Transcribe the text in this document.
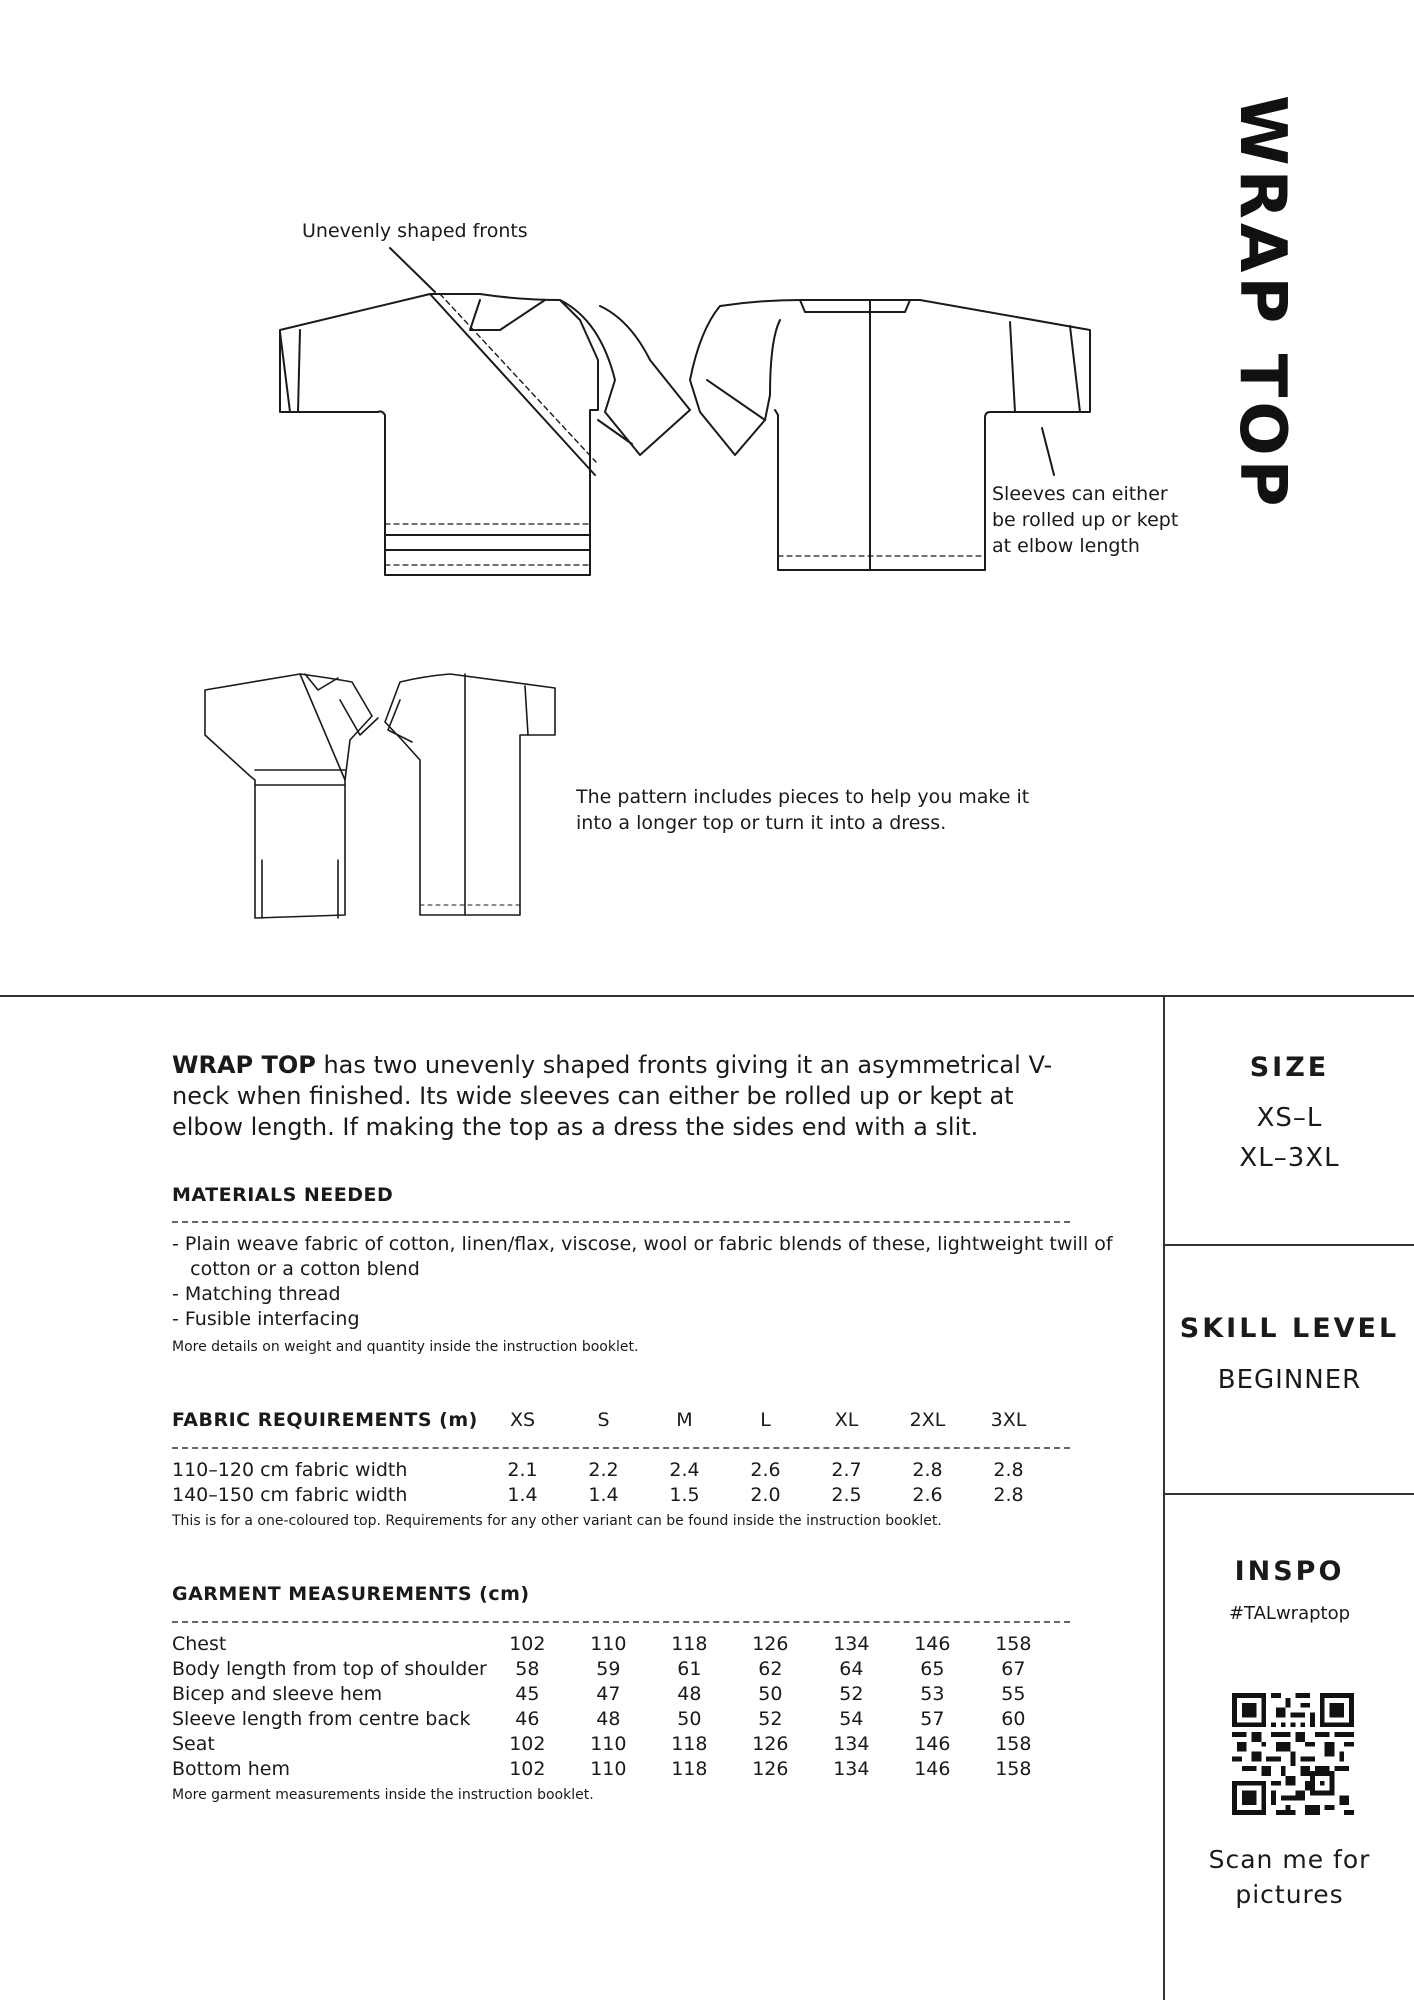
WRAP TOP
Unevenly shaped fronts
Sleeves can either
be rolled up or kept
at elbow length
The pattern includes pieces to help you make it
into a longer top or turn it into a dress.
WRAP TOP has two unevenly shaped fronts giving it an asymmetrical V-neck when finished. Its wide sleeves can either be rolled up or kept at elbow length. If making the top as a dress the sides end with a slit.
MATERIALS NEEDED
- Plain weave fabric of cotton, linen/flax, viscose, wool or fabric blends of these, lightweight twill of
cotton or a cotton blend
- Matching thread
- Fusible interfacing
More details on weight and quantity inside the instruction booklet.
FABRIC REQUIREMENTS (m)	XS	S	M	L	XL	2XL	3XL
110–120 cm fabric width	2.1	2.2	2.4	2.6	2.7	2.8	2.8
140–150 cm fabric width	1.4	1.4	1.5	2.0	2.5	2.6	2.8
This is for a one-coloured top. Requirements for any other variant can be found inside the instruction booklet.
GARMENT MEASUREMENTS (cm)
Chest	102	110	118	126	134	146	158
Body length from top of shoulder	58	59	61	62	64	65	67
Bicep and sleeve hem	45	47	48	50	52	53	55
Sleeve length from centre back	46	48	50	52	54	57	60
Seat	102	110	118	126	134	146	158
Bottom hem	102	110	118	126	134	146	158
More garment measurements inside the instruction booklet.
SIZE
XS–L
XL–3XL
SKILL LEVEL
BEGINNER
INSPO
#TALwraptop
Scan me for
pictures
